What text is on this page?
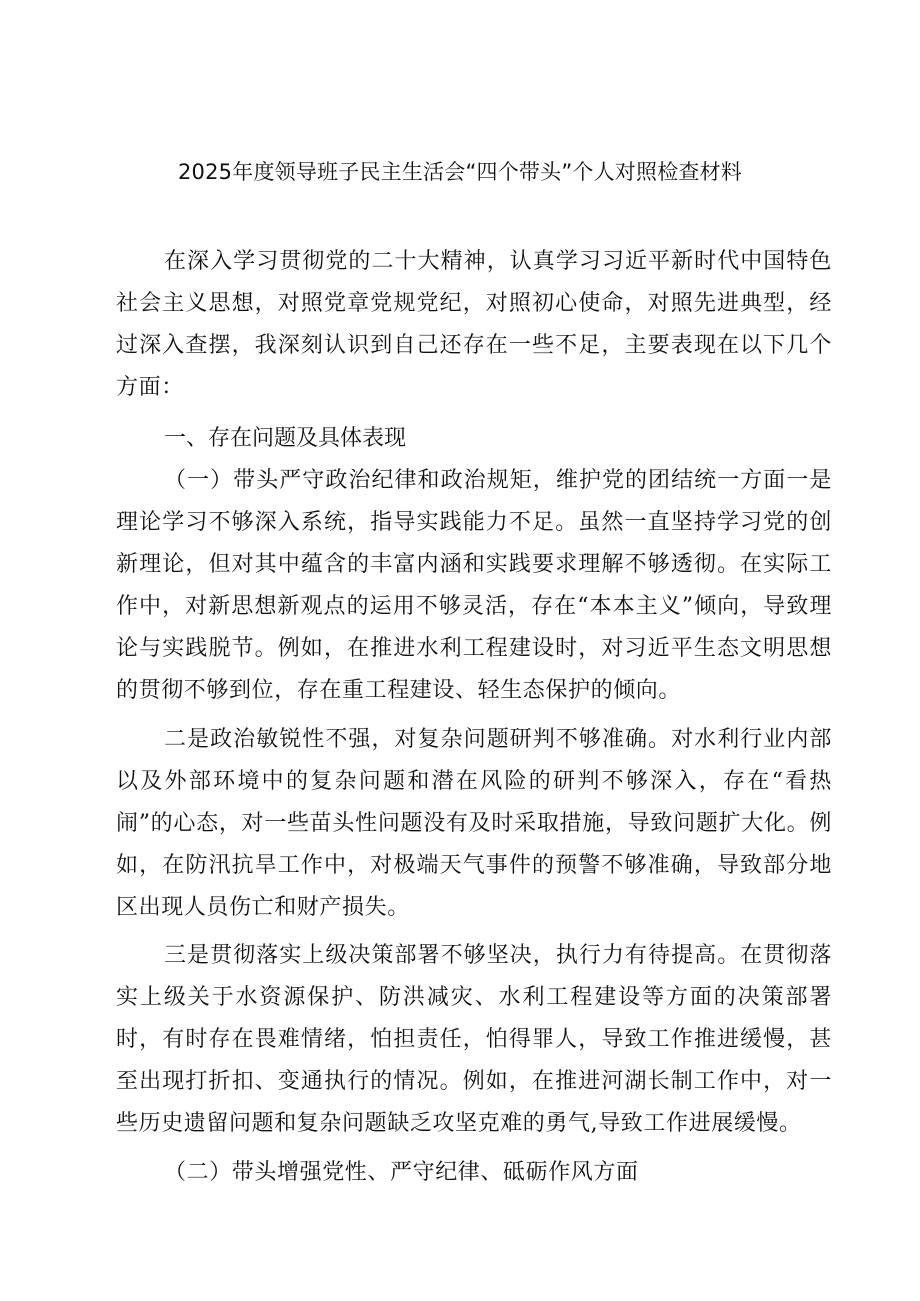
2025年度领导班子民主生活会“四个带头”个人对照检查材料

在深入学习贯彻党的二十大精神，认真学习习近平新时代中国特色社会主义思想，对照党章党规党纪，对照初心使命，对照先进典型，经过深入查摆，我深刻认识到自己还存在一些不足，主要表现在以下几个方面：

一、存在问题及具体表现

（一）带头严守政治纪律和政治规矩，维护党的团结统一方面一是理论学习不够深入系统，指导实践能力不足。虽然一直坚持学习党的创新理论，但对其中蕴含的丰富内涵和实践要求理解不够透彻。在实际工作中，对新思想新观点的运用不够灵活，存在“本本主义”倾向，导致理论与实践脱节。例如，在推进水利工程建设时，对习近平生态文明思想的贯彻不够到位，存在重工程建设、轻生态保护的倾向。

二是政治敏锐性不强，对复杂问题研判不够准确。对水利行业内部以及外部环境中的复杂问题和潜在风险的研判不够深入，存在“看热闹”的心态，对一些苗头性问题没有及时采取措施，导致问题扩大化。例如，在防汛抗旱工作中，对极端天气事件的预警不够准确，导致部分地区出现人员伤亡和财产损失。

三是贯彻落实上级决策部署不够坚决，执行力有待提高。在贯彻落实上级关于水资源保护、防洪减灾、水利工程建设等方面的决策部署时，有时存在畏难情绪，怕担责任，怕得罪人，导致工作推进缓慢，甚至出现打折扣、变通执行的情况。例如，在推进河湖长制工作中，对一些历史遗留问题和复杂问题缺乏攻坚克难的勇气,导致工作进展缓慢。

（二）带头增强党性、严守纪律、砥砺作风方面
